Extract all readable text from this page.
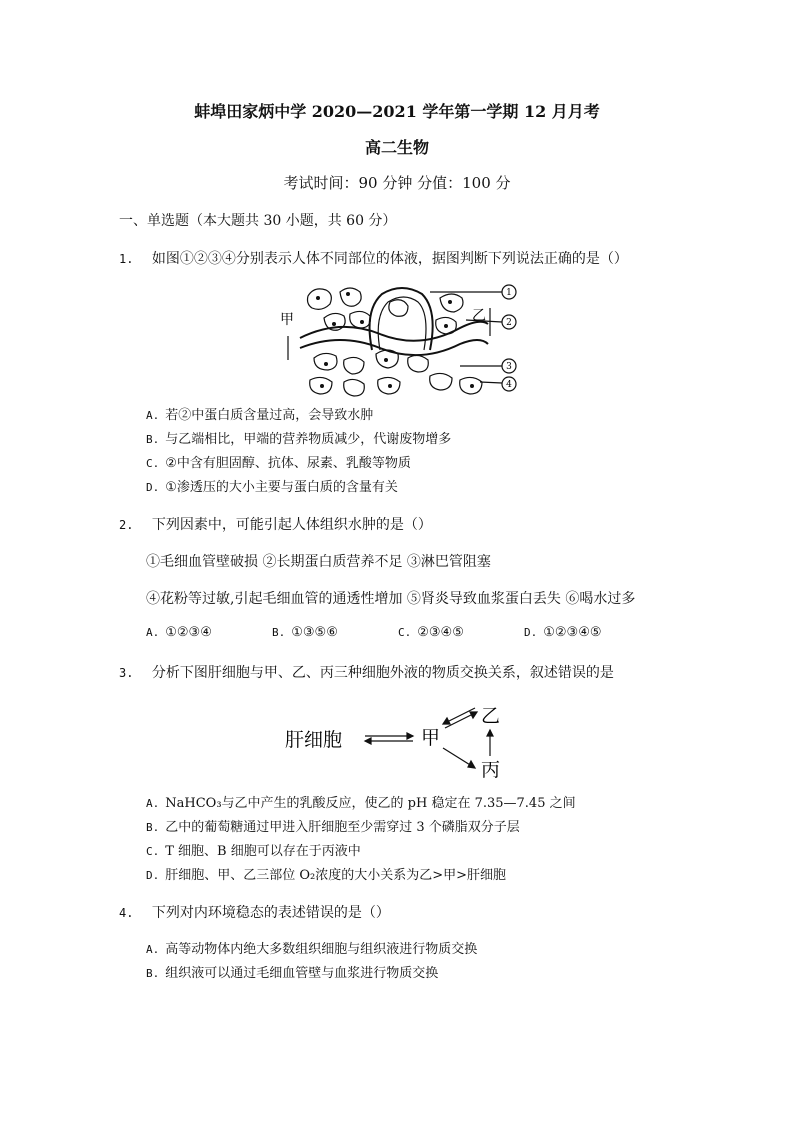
蚌埠田家炳中学 2020—2021 学年第一学期 12 月月考
高二生物
考试时间：90 分钟 分值：100 分
一、单选题（本大题共 30 小题，共 60 分）
1. 如图①②③④分别表示人体不同部位的体液，据图判断下列说法正确的是（）
甲	乙
1
2
3
4
A. 若②中蛋白质含量过高，会导致水肿
B. 与乙端相比，甲端的营养物质减少，代谢废物增多
C. ②中含有胆固醇、抗体、尿素、乳酸等物质
D. ①渗透压的大小主要与蛋白质的含量有关
2. 下列因素中，可能引起人体组织水肿的是（）
①毛细血管壁破损 ②长期蛋白质营养不足 ③淋巴管阻塞
④花粉等过敏,引起毛细血管的通透性增加 ⑤肾炎导致血浆蛋白丢失 ⑥喝水过多
A. ①②③④	B. ①③⑤⑥	C. ②③④⑤	D. ①②③④⑤
3. 分析下图肝细胞与甲、乙、丙三种细胞外液的物质交换关系，叙述错误的是
肝细胞	甲
乙
丙
A. NaHCO₃与乙中产生的乳酸反应，使乙的 pH 稳定在 7.35—7.45 之间
B. 乙中的葡萄糖通过甲进入肝细胞至少需穿过 3 个磷脂双分子层
C. T 细胞、B 细胞可以存在于丙液中
D. 肝细胞、甲、乙三部位 O₂浓度的大小关系为乙>甲>肝细胞
4. 下列对内环境稳态的表述错误的是（）
A. 高等动物体内绝大多数组织细胞与组织液进行物质交换
B. 组织液可以通过毛细血管壁与血浆进行物质交换
